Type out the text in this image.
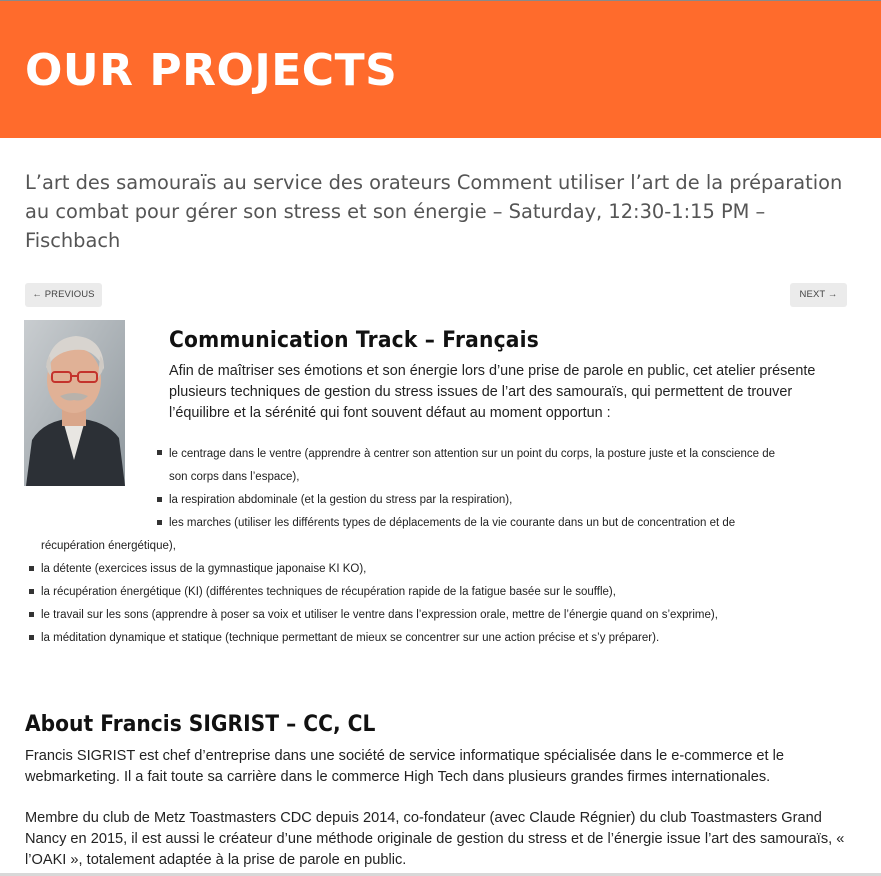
OUR PROJECTS
L’art des samouraïs au service des orateurs Comment utiliser l’art de la préparation au combat pour gérer son stress et son énergie – Saturday, 12:30-1:15 PM – Fischbach
← PREVIOUS	NEXT →
Communication Track – Français

Afin de maîtriser ses émotions et son énergie lors d’une prise de parole en public, cet atelier présente plusieurs techniques de gestion du stress issues de l’art des samouraïs, qui permettent de trouver l’équilibre et la sérénité qui font souvent défaut au moment opportun :

le centrage dans le ventre (apprendre à centrer son attention sur un point du corps, la posture juste et la conscience de
son corps dans l’espace),
la respiration abdominale (et la gestion du stress par la respiration),
les marches (utiliser les différents types de déplacements de la vie courante dans un but de concentration et de
récupération énergétique),
la détente (exercices issus de la gymnastique japonaise KI KO),
la récupération énergétique (KI) (différentes techniques de récupération rapide de la fatigue basée sur le souffle),
le travail sur les sons (apprendre à poser sa voix et utiliser le ventre dans l’expression orale, mettre de l’énergie quand on s’exprime),
la méditation dynamique et statique (technique permettant de mieux se concentrer sur une action précise et s’y préparer).
About Francis SIGRIST – CC, CL

Francis SIGRIST est chef d’entreprise dans une société de service informatique spécialisée dans le e-commerce et le webmarketing. Il a fait toute sa carrière dans le commerce High Tech dans plusieurs grandes firmes internationales.

Membre du club de Metz Toastmasters CDC depuis 2014, co-fondateur (avec Claude Régnier) du club Toastmasters Grand Nancy en 2015, il est aussi le créateur d’une méthode originale de gestion du stress et de l’énergie issue l’art des samouraïs, « l’OAKI », totalement adaptée à la prise de parole en public.
